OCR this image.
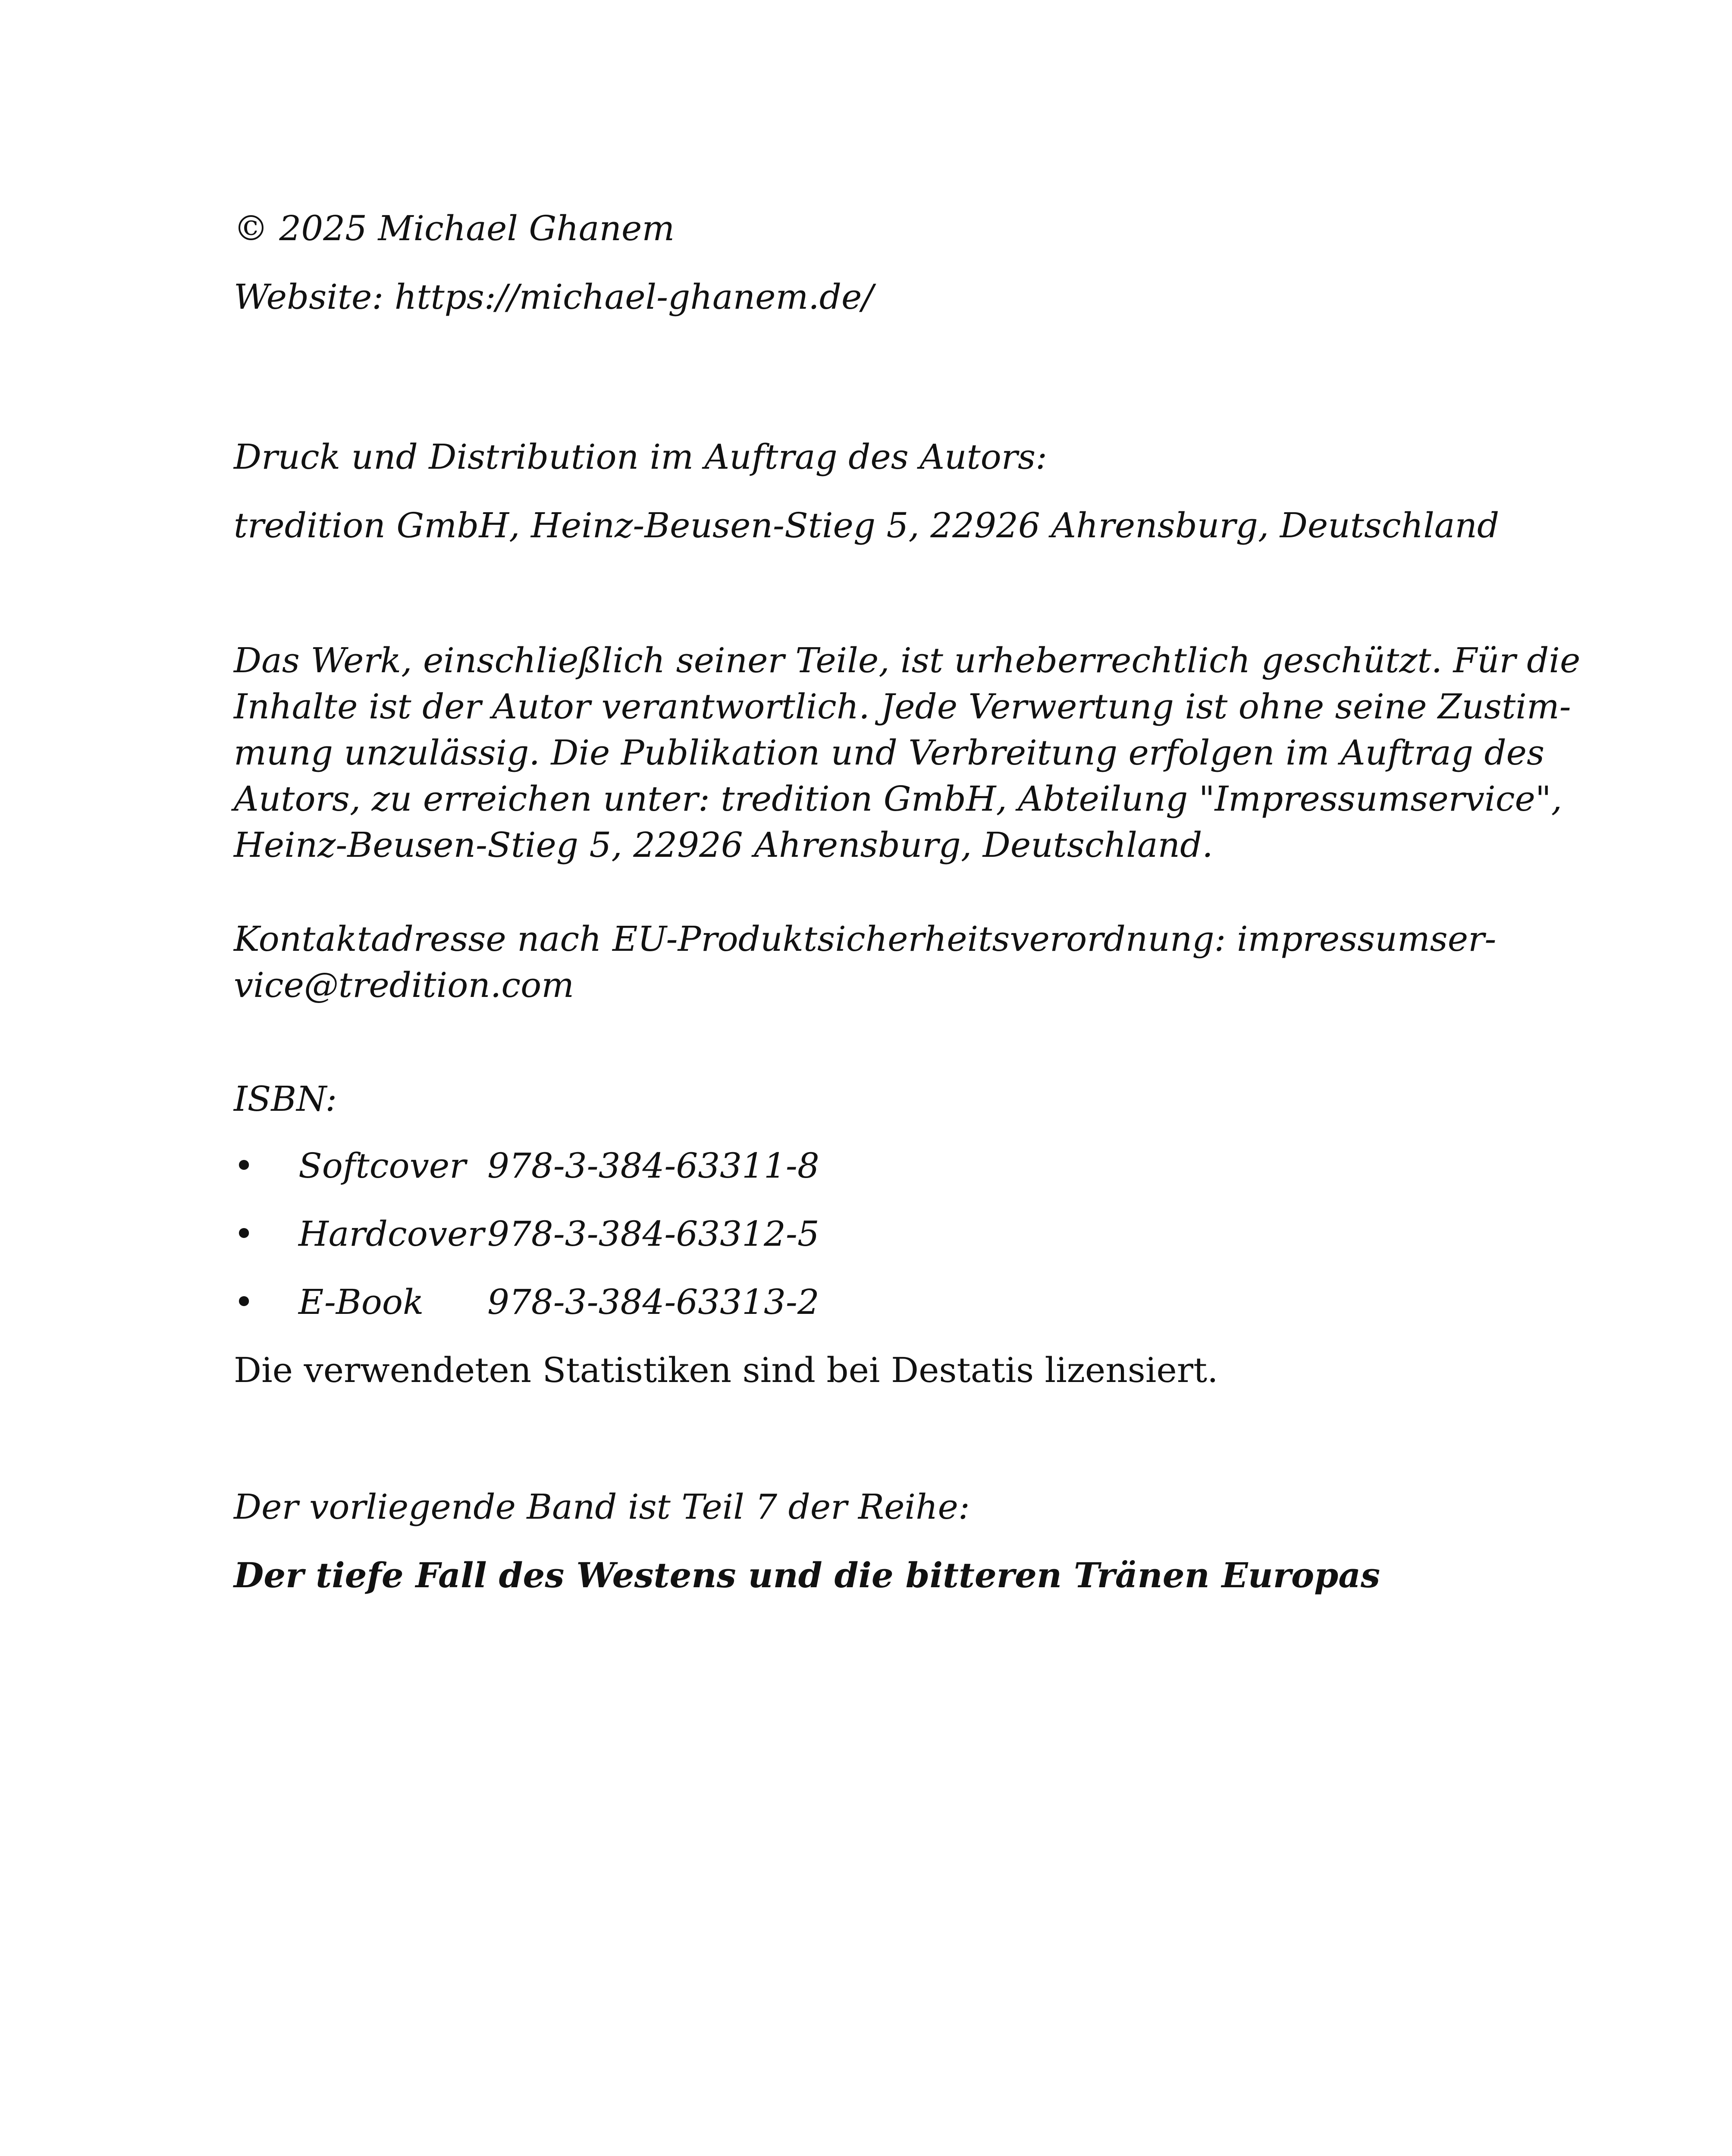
© 2025 Michael Ghanem

Website: https://michael-ghanem.de/

Druck und Distribution im Auftrag des Autors:

tredition GmbH, Heinz-Beusen-Stieg 5, 22926 Ahrensburg, Deutschland

Das Werk, einschließlich seiner Teile, ist urheberrechtlich geschützt. Für die

Inhalte ist der Autor verantwortlich. Jede Verwertung ist ohne seine Zustim-

mung unzulässig. Die Publikation und Verbreitung erfolgen im Auftrag des

Autors, zu erreichen unter: tredition GmbH, Abteilung "Impressumservice",

Heinz-Beusen-Stieg 5, 22926 Ahrensburg, Deutschland.

Kontaktadresse nach EU-Produktsicherheitsverordnung: impressumser-

vice@tredition.com

ISBN:

• Softcover 978-3-384-63311-8
• Hardcover 978-3-384-63312-5
• E-Book 978-3-384-63313-2

Die verwendeten Statistiken sind bei Destatis lizensiert.

Der vorliegende Band ist Teil 7 der Reihe:

Der tiefe Fall des Westens und die bitteren Tränen Europas
